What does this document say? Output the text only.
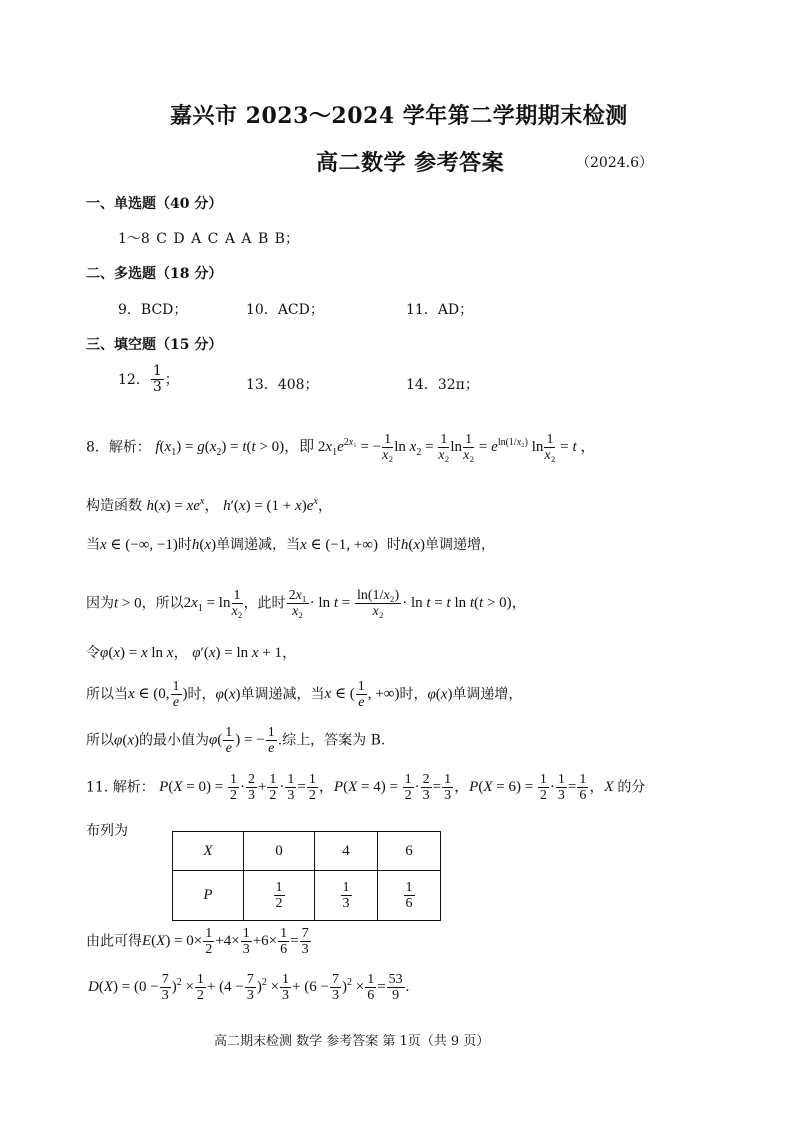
嘉兴市 2023～2024 学年第二学期期末检测
高二数学 参考答案	（2024.6）
一、单选题（40 分）
1～8 C D A C A A B B；
二、多选题（18 分）
9．BCD；	10．ACD；	11．AD；
三、填空题（15 分）
12． $\frac{1}{3}$ ；	13．408；	14．32π；
8．解析： $f(x_1) = g(x_2) = t(t > 0)$，即 $2x_1e^{2x_1}$ = − $\frac{1}{\text{x₂}}$ $\ln x_2 = \frac{1}{\text{x₂}}$ $\ln \frac{1}{\text{x₂}} = e^{ln(1/x_2)}$ $\ln \frac{1}{\text{x₂}} = t$ ，
构造函数 $h(x) = xe^x$， $h'(x) = (1 + x)e^x$，
当x ∈ (−∞, −1)时h(x)单调递减，当x ∈ (−1, +∞) 时h(x)单调递增，
因为t > 0，所以$2x_1 = \ln \frac{1}{\text{x₂}}$ ，此时 $\frac{\text{2x₁}}{\text{x₂}} \cdot \ln t = \frac{\text{ln(1/x₂)}}{\text{x₂}} \cdot \ln t = t$ ln t(t > 0)，
令φ(x) = x ln x， φ′(x) = ln x + 1，
所以当x ∈ (0, $\frac{1}{e}$ )时，φ(x)单调递减，当x ∈ ( $\frac{1}{e}$ , +∞)时，φ(x)单调递增，
所以φ(x)的最小值为$\varphi( \frac{1}{e}$ ) = − $\frac{1}{e}$ .综上，答案为 B.
11. 解析： $P(X = 0) = \frac{1}{2} \cdot \frac{2}{3} + \frac{1}{2} \cdot \frac{1}{3} = \frac{1}{2}$ ，$P(X = 4) = \frac{1}{2} \cdot \frac{2}{3} = \frac{1}{3}$ ，$P(X = 6) = \frac{1}{2} \cdot \frac{1}{3} = \frac{1}{6}$ ，X 的分
布列为
X	0	4	6
P	$\frac{1}{2}$	$\frac{1}{3}$	$\frac{1}{6}$
由此可得$E(X) = 0\times \frac{1}{2} +4\times \frac{1}{3} +6\times \frac{1}{6} = \frac{7}{3}$
$D(X) = (0 - \frac{7}{3} )^2 \times \frac{1}{2} + (4 - \frac{7}{3} )^2 \times \frac{1}{3} + (6 - \frac{7}{3} )^2 \times \frac{1}{6} = \frac{53}{9}$ .
高二期末检测 数学 参考答案 第 1页（共 9 页）
